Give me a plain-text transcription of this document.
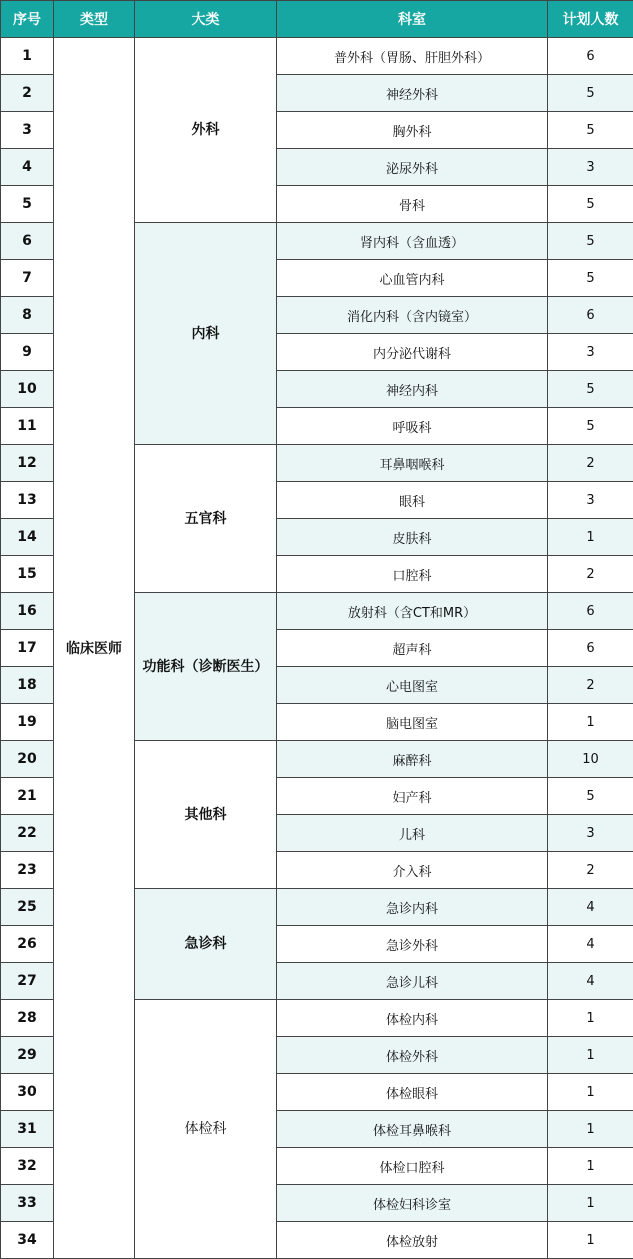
序号	类型	大类	科室	计划人数
1	临床医师	外科	普外科（胃肠、肝胆外科）	6
2			神经外科	5
3			胸外科	5
4			泌尿外科	3
5			骨科	5
6		内科	肾内科（含血透）	5
7			心血管内科	5
8			消化内科（含内镜室）	6
9			内分泌代谢科	3
10			神经内科	5
11			呼吸科	5
12		五官科	耳鼻咽喉科	2
13			眼科	3
14			皮肤科	1
15			口腔科	2
16		功能科（诊断医生）	放射科（含CT和MR）	6
17			超声科	6
18			心电图室	2
19			脑电图室	1
20		其他科	麻醉科	10
21			妇产科	5
22			儿科	3
23			介入科	2
25		急诊科	急诊内科	4
26			急诊外科	4
27			急诊儿科	4
28		体检科	体检内科	1
29			体检外科	1
30			体检眼科	1
31			体检耳鼻喉科	1
32			体检口腔科	1
33			体检妇科诊室	1
34			体检放射	1
